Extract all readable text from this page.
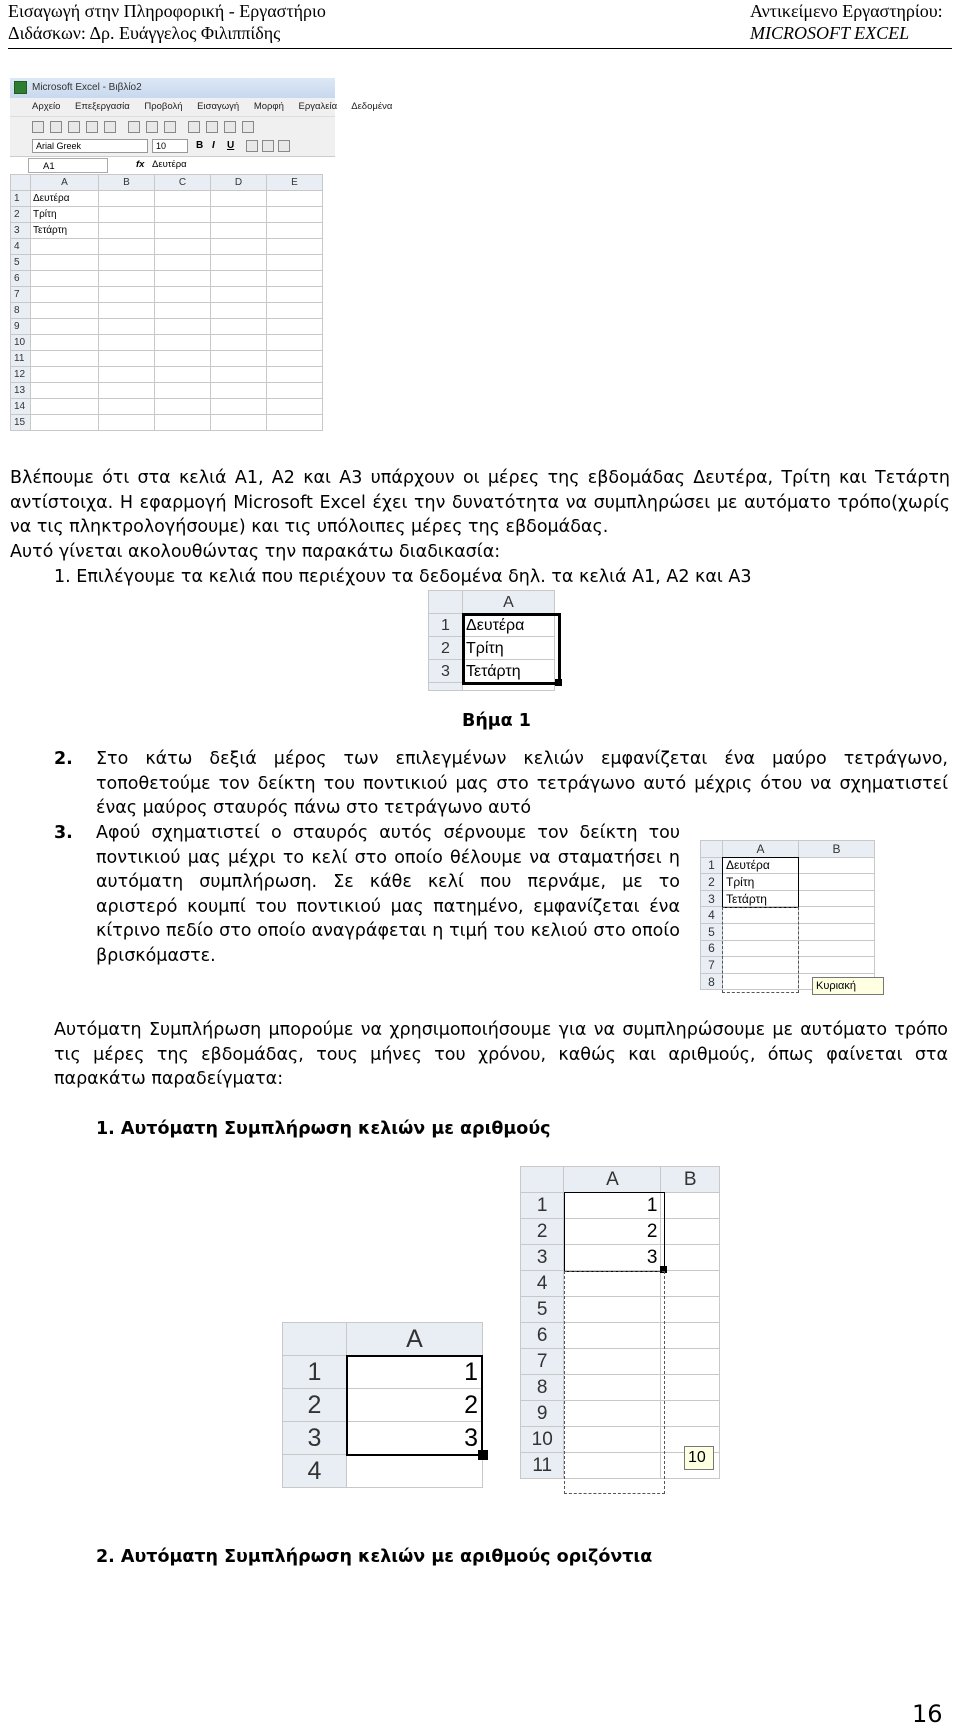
Εισαγωγή στην Πληροφορική - Εργαστήριο
Διδάσκων: Δρ. Ευάγγελος Φιλιππίδης
Αντικείμενο Εργαστηρίου:
MICROSOFT EXCEL
Microsoft Excel - Βιβλίο2
Αρχείο Επεξεργασία Προβολή Εισαγωγή Μορφή Εργαλεία Δεδομένα
Arial Greek	10	B I U
A1	fx Δευτέρα
	A	B	C	D	E
1	Δευτέρα				
2	Τρίτη				
3	Τετάρτη				
4					
5					
6					
7					
8					
9					
10					
11					
12					
13					
14					
15					
Βλέπουμε ότι στα κελιά Α1, Α2 και Α3 υπάρχουν οι μέρες της εβδομάδας Δευτέρα, Τρίτη και Τετάρτη αντίστοιχα. Η εφαρμογή Microsoft Excel έχει την δυνατότητα να συμπληρώσει με αυτόματο τρόπο(χωρίς να τις πληκτρολογήσουμε) και τις υπόλοιπες μέρες της εβδομάδας.
Αυτό γίνεται ακολουθώντας την παρακάτω διαδικασία:
1. Επιλέγουμε τα κελιά που περιέχουν τα δεδομένα δηλ. τα κελιά Α1, Α2 και Α3
	A
1	Δευτέρα
2	Τρίτη
3	Τετάρτη

Βήμα 1
2. Στο κάτω δεξιά μέρος των επιλεγμένων κελιών εμφανίζεται ένα μαύρο τετράγωνο, τοποθετούμε τον δείκτη του ποντικιού μας στο τετράγωνο αυτό μέχρις ότου να σχηματιστεί ένας μαύρος σταυρός πάνω στο τετράγωνο αυτό
3. Αφού σχηματιστεί ο σταυρός αυτός σέρνουμε τον δείκτη του ποντικιού μας μέχρι το κελί στο οποίο θέλουμε να σταματήσει η αυτόματη συμπλήρωση. Σε κάθε κελί που περνάμε, με το αριστερό κουμπί του ποντικιού μας πατημένο, εμφανίζεται ένα κίτρινο πεδίο στο οποίο αναγράφεται η τιμή του κελιού στο οποίο βρισκόμαστε.
	A	B
1	Δευτέρα	
2	Τρίτη	
3	Τετάρτη	
4		
5		
6		
7		
8			Κυριακή
Αυτόματη Συμπλήρωση μπορούμε να χρησιμοποιήσουμε για να συμπληρώσουμε με αυτόματο τρόπο τις μέρες της εβδομάδας, τους μήνες του χρόνου, καθώς και αριθμούς, όπως φαίνεται στα παρακάτω παραδείγματα:
1. Αυτόματη Συμπλήρωση κελιών με αριθμούς
	A	B
1	1	
2	2	
3	3	
4		
5		
6		
7		
8		
9		
10		
11			10
	A
1	1
2	2
3	3
4	
2. Αυτόματη Συμπλήρωση κελιών με αριθμούς οριζόντια
16
